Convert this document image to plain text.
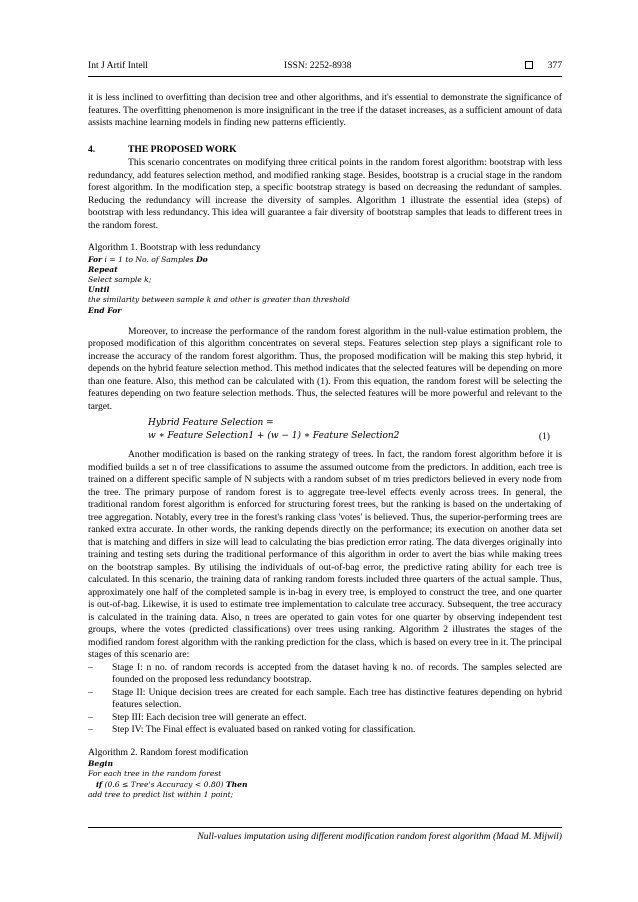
Int J Artif Intell	ISSN: 2252-8938	377

it is less inclined to overfitting than decision tree and other algorithms, and it's essential to demonstrate the significance of features. The overfitting phenomenon is more insignificant in the tree if the dataset increases, as a sufficient amount of data assists machine learning models in finding new patterns efficiently.

4.	THE PROPOSED WORK

This scenario concentrates on modifying three critical points in the random forest algorithm: bootstrap with less redundancy, add features selection method, and modified ranking stage. Besides, bootstrap is a crucial stage in the random forest algorithm. In the modification step, a specific bootstrap strategy is based on decreasing the redundant of samples. Reducing the redundancy will increase the diversity of samples. Algorithm 1 illustrate the essential idea (steps) of bootstrap with less redundancy. This idea will guarantee a fair diversity of bootstrap samples that leads to different trees in the random forest.

Algorithm 1. Bootstrap with less redundancy

For i = 1 to No. of Samples Do
Repeat
Select sample k;
Until
the similarity between sample k and other is greater than threshold
End For

Moreover, to increase the performance of the random forest algorithm in the null-value estimation problem, the proposed modification of this algorithm concentrates on several steps. Features selection step plays a significant role to increase the accuracy of the random forest algorithm. Thus, the proposed modification will be making this step hybrid, it depends on the hybrid feature selection method. This method indicates that the selected features will be depending on more than one feature. Also, this method can be calculated with (1). From this equation, the random forest will be selecting the features depending on two feature selection methods. Thus, the selected features will be more powerful and relevant to the target.

Hybrid Feature Selection =
w ∗ Feature Selection1 + (w − 1) ∗ Feature Selection2	(1)

Another modification is based on the ranking strategy of trees. In fact, the random forest algorithm before it is modified builds a set n of tree classifications to assume the assumed outcome from the predictors. In addition, each tree is trained on a different specific sample of N subjects with a random subset of m tries predictors believed in every node from the tree. The primary purpose of random forest is to aggregate tree-level effects evenly across trees. In general, the traditional random forest algorithm is enforced for structuring forest trees, but the ranking is based on the undertaking of tree aggregation. Notably, every tree in the forest's ranking class 'votes' is believed. Thus, the superior-performing trees are ranked extra accurate. In other words, the ranking depends directly on the performance; its execution on another data set that is matching and differs in size will lead to calculating the bias prediction error rating. The data diverges originally into training and testing sets during the traditional performance of this algorithm in order to avert the bias while making trees on the bootstrap samples. By utilising the individuals of out-of-bag error, the predictive rating ability for each tree is calculated. In this scenario, the training data of ranking random forests included three quarters of the actual sample. Thus, approximately one half of the completed sample is in-bag in every tree, is employed to construct the tree, and one quarter is out-of-bag. Likewise, it is used to estimate tree implementation to calculate tree accuracy. Subsequent, the tree accuracy is calculated in the training data. Also, n trees are operated to gain votes for one quarter by observing independent test groups, where the votes (predicted classifications) over trees using ranking. Algorithm 2 illustrates the stages of the modified random forest algorithm with the ranking prediction for the class, which is based on every tree in it. The principal stages of this scenario are:

– Stage I: n no. of random records is accepted from the dataset having k no. of records. The samples selected are founded on the proposed less redundancy bootstrap.
– Stage II: Unique decision trees are created for each sample. Each tree has distinctive features depending on hybrid features selection.
– Step III: Each decision tree will generate an effect.
– Step IV: The Final effect is evaluated based on ranked voting for classification.

Algorithm 2. Random forest modification

Begin
For each tree in the random forest
if (0.6 ≤ Tree's Accuracy < 0.80) Then
add tree to predict list within 1 point;
Null-values imputation using different modification random forest algorithm (Maad M. Mijwil)
